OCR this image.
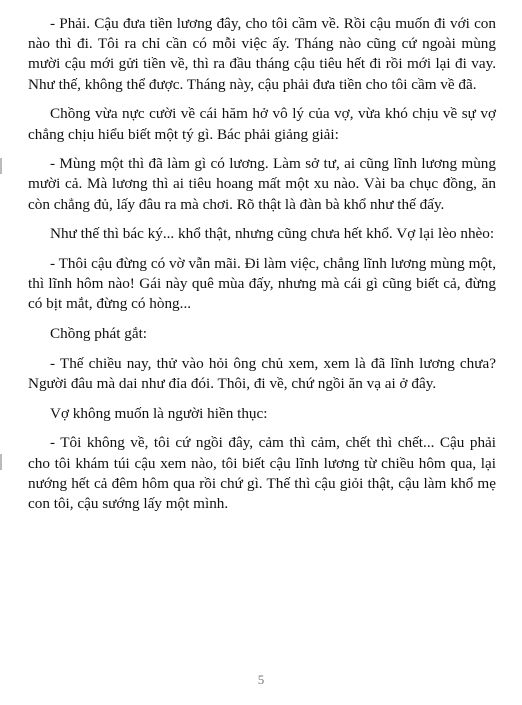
- Phải. Cậu đưa tiền lương đây, cho tôi cầm về. Rồi cậu muốn đi với con nào thì đi. Tôi ra chỉ cần có mỗi việc ấy. Tháng nào cũng cứ ngoài mùng mười cậu mới gửi tiền về, thì ra đầu tháng cậu tiêu hết đi rồi mới lại đi vay. Như thế, không thể được. Tháng này, cậu phải đưa tiền cho tôi cầm về đã.

Chồng vừa nực cười về cái hăm hở vô lý của vợ, vừa khó chịu về sự vợ chẳng chịu hiểu biết một tý gì. Bác phải giảng giải:

- Mùng một thì đã làm gì có lương. Làm sở tư, ai cũng lĩnh lương mùng mười cả. Mà lương thì ai tiêu hoang mất một xu nào. Vài ba chục đồng, ăn còn chẳng đủ, lấy đâu ra mà chơi. Rõ thật là đàn bà khổ như thế đấy.

Như thế thì bác ký... khổ thật, nhưng cũng chưa hết khổ. Vợ lại lèo nhèo:

- Thôi cậu đừng có vờ vẫn mãi. Đi làm việc, chẳng lĩnh lương mùng một, thì lĩnh hôm nào! Gái này quê mùa đấy, nhưng mà cái gì cũng biết cả, đừng có bịt mắt, đừng có hòng...

Chồng phát gắt:

- Thế chiều nay, thử vào hỏi ông chủ xem, xem là đã lĩnh lương chưa? Người đâu mà dai như đỉa đói. Thôi, đi về, chứ ngồi ăn vạ ai ở đây.

Vợ không muốn là người hiền thục:

- Tôi không về, tôi cứ ngồi đây, cảm thì cảm, chết thì chết... Cậu phải cho tôi khám túi cậu xem nào, tôi biết cậu lĩnh lương từ chiều hôm qua, lại nướng hết cả đêm hôm qua rồi chứ gì. Thế thì cậu giỏi thật, cậu làm khổ mẹ con tôi, cậu sướng lấy một mình.

5
